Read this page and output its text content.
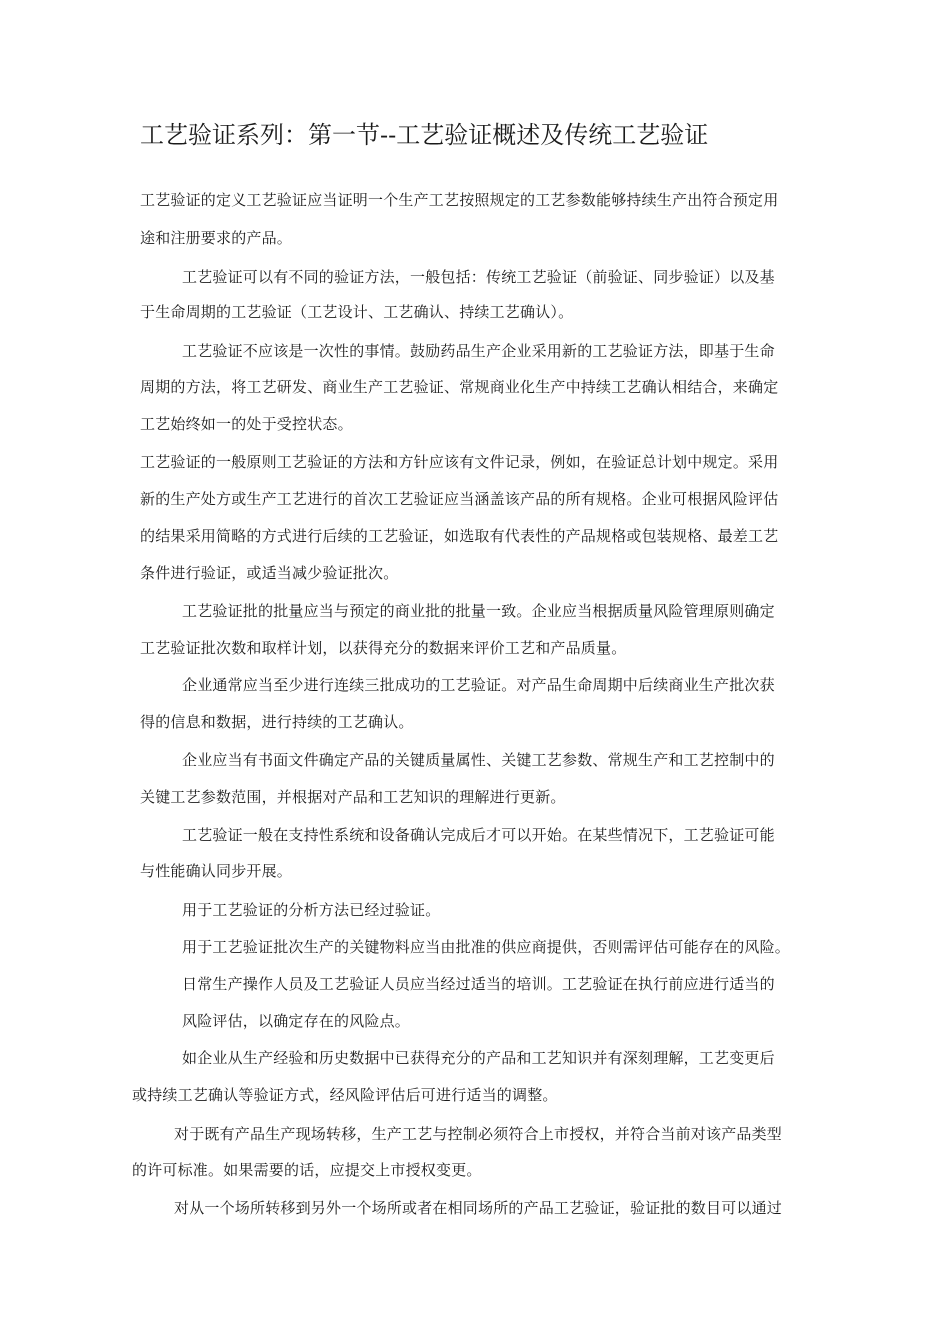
工艺验证系列：第一节--工艺验证概述及传统工艺验证

工艺验证的定义工艺验证应当证明一个生产工艺按照规定的工艺参数能够持续生产出符合预定用

途和注册要求的产品。

工艺验证可以有不同的验证方法，一般包括：传统工艺验证（前验证、同步验证）以及基

于生命周期的工艺验证（工艺设计、工艺确认、持续工艺确认）。

工艺验证不应该是一次性的事情。鼓励药品生产企业采用新的工艺验证方法，即基于生命

周期的方法，将工艺研发、商业生产工艺验证、常规商业化生产中持续工艺确认相结合，来确定

工艺始终如一的处于受控状态。

工艺验证的一般原则工艺验证的方法和方针应该有文件记录，例如，在验证总计划中规定。采用

新的生产处方或生产工艺进行的首次工艺验证应当涵盖该产品的所有规格。企业可根据风险评估

的结果采用简略的方式进行后续的工艺验证，如选取有代表性的产品规格或包装规格、最差工艺

条件进行验证，或适当减少验证批次。

工艺验证批的批量应当与预定的商业批的批量一致。企业应当根据质量风险管理原则确定

工艺验证批次数和取样计划，以获得充分的数据来评价工艺和产品质量。

企业通常应当至少进行连续三批成功的工艺验证。对产品生命周期中后续商业生产批次获

得的信息和数据，进行持续的工艺确认。

企业应当有书面文件确定产品的关键质量属性、关键工艺参数、常规生产和工艺控制中的

关键工艺参数范围，并根据对产品和工艺知识的理解进行更新。

工艺验证一般在支持性系统和设备确认完成后才可以开始。在某些情况下，工艺验证可能

与性能确认同步开展。

用于工艺验证的分析方法已经过验证。

用于工艺验证批次生产的关键物料应当由批准的供应商提供，否则需评估可能存在的风险。

日常生产操作人员及工艺验证人员应当经过适当的培训。工艺验证在执行前应进行适当的

风险评估，以确定存在的风险点。

如企业从生产经验和历史数据中已获得充分的产品和工艺知识并有深刻理解，工艺变更后

或持续工艺确认等验证方式，经风险评估后可进行适当的调整。

对于既有产品生产现场转移，生产工艺与控制必须符合上市授权，并符合当前对该产品类型

的许可标准。如果需要的话，应提交上市授权变更。

对从一个场所转移到另外一个场所或者在相同场所的产品工艺验证，验证批的数目可以通过
